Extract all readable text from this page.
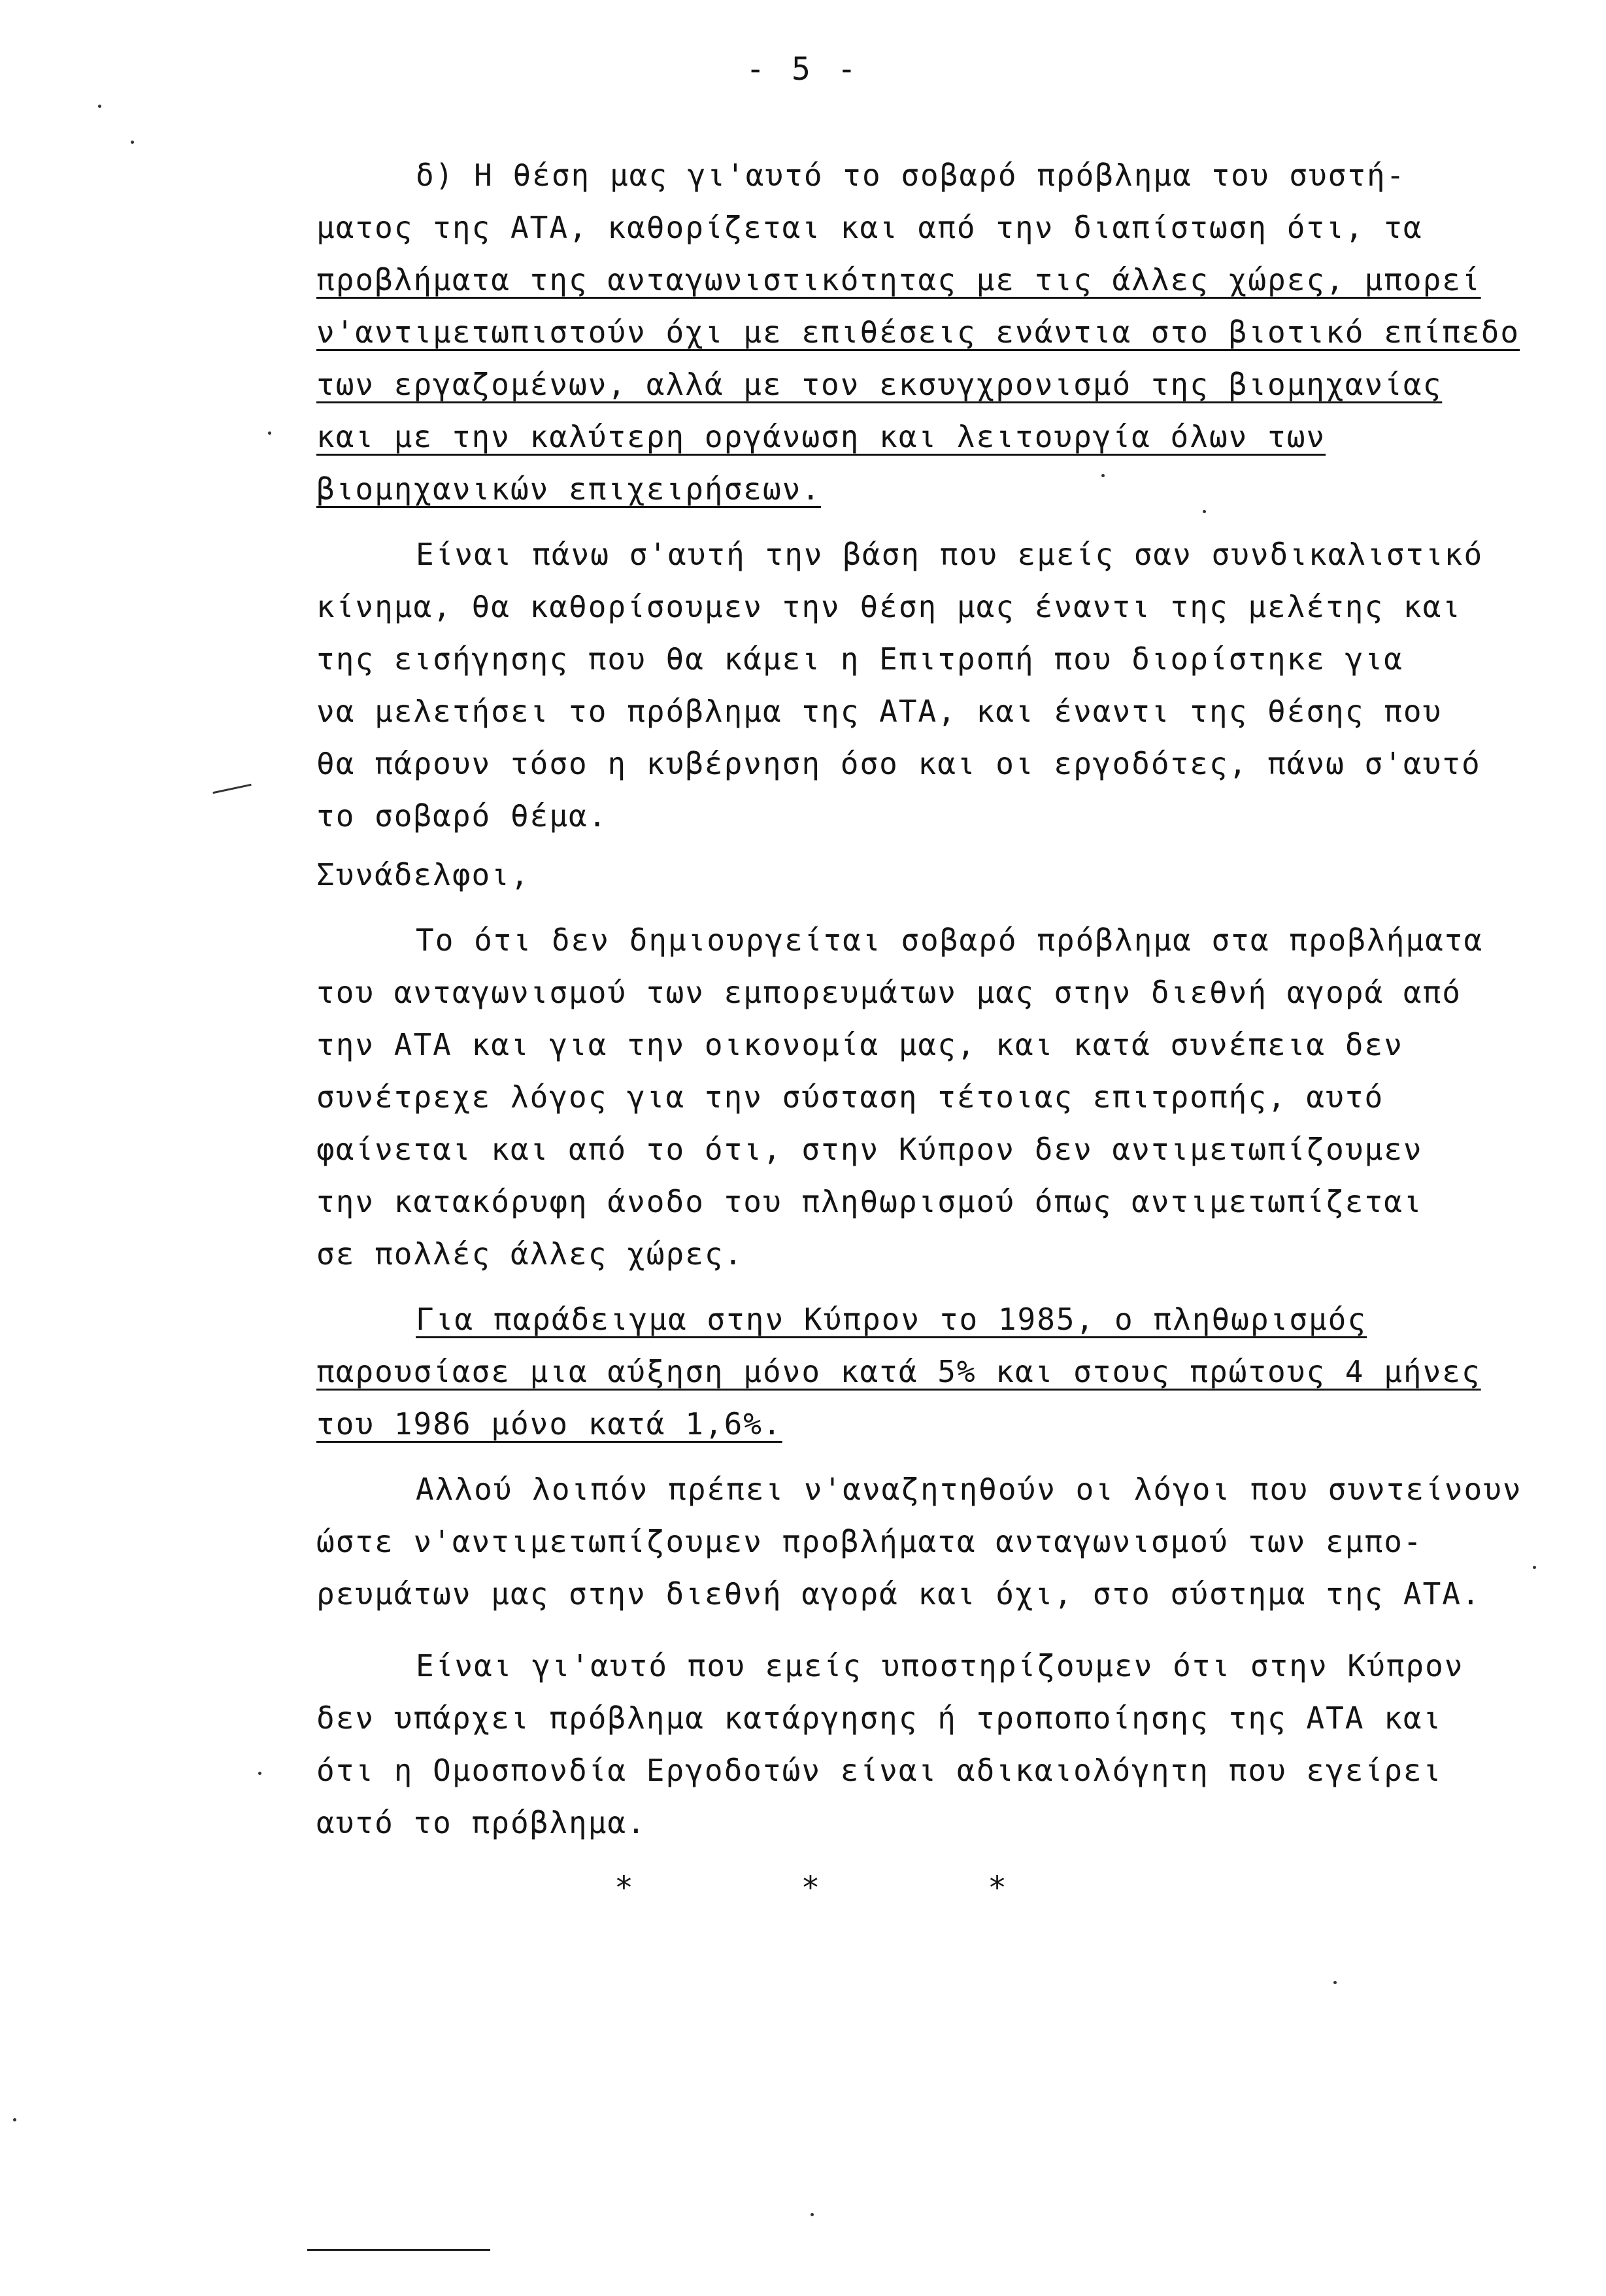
- 5 -
δ) Η θέση μας γι'αυτό το σοβαρό πρόβλημα του συστή-
ματος της ΑΤΑ, καθορίζεται και από την διαπίστωση ότι, τα
προβλήματα της ανταγωνιστικότητας με τις άλλες χώρες, μπορεί
ν'αντιμετωπιστούν όχι με επιθέσεις ενάντια στο βιοτικό επίπεδο
των εργαζομένων, αλλά με τον εκσυγχρονισμό της βιομηχανίας
και με την καλύτερη οργάνωση και λειτουργία όλων των
βιομηχανικών επιχειρήσεων.
Είναι πάνω σ'αυτή την βάση που εμείς σαν συνδικαλιστικό
κίνημα, θα καθορίσουμεν την θέση μας έναντι της μελέτης και
της εισήγησης που θα κάμει η Επιτροπή που διορίστηκε για
να μελετήσει το πρόβλημα της ΑΤΑ, και έναντι της θέσης που
θα πάρουν τόσο η κυβέρνηση όσο και οι εργοδότες, πάνω σ'αυτό
το σοβαρό θέμα.
Συνάδελφοι,
Το ότι δεν δημιουργείται σοβαρό πρόβλημα στα προβλήματα
του ανταγωνισμού των εμπορευμάτων μας στην διεθνή αγορά από
την ΑΤΑ και για την οικονομία μας, και κατά συνέπεια δεν
συνέτρεχε λόγος για την σύσταση τέτοιας επιτροπής, αυτό
φαίνεται και από το ότι, στην Κύπρον δεν αντιμετωπίζουμεν
την κατακόρυφη άνοδο του πληθωρισμού όπως αντιμετωπίζεται
σε πολλές άλλες χώρες.
Για παράδειγμα στην Κύπρον το 1985, ο πληθωρισμός
παρουσίασε μια αύξηση μόνο κατά 5% και στους πρώτους 4 μήνες
του 1986 μόνο κατά 1,6%.
Αλλού λοιπόν πρέπει ν'αναζητηθούν οι λόγοι που συντείνουν
ώστε ν'αντιμετωπίζουμεν προβλήματα ανταγωνισμού των εμπο-
ρευμάτων μας στην διεθνή αγορά και όχι, στο σύστημα της ΑΤΑ.
Είναι γι'αυτό που εμείς υποστηρίζουμεν ότι στην Κύπρον
δεν υπάρχει πρόβλημα κατάργησης ή τροποποίησης της ΑΤΑ και
ότι η Ομοσπονδία Εργοδοτών είναι αδικαιολόγητη που εγείρει
αυτό το πρόβλημα.
*	*	*
